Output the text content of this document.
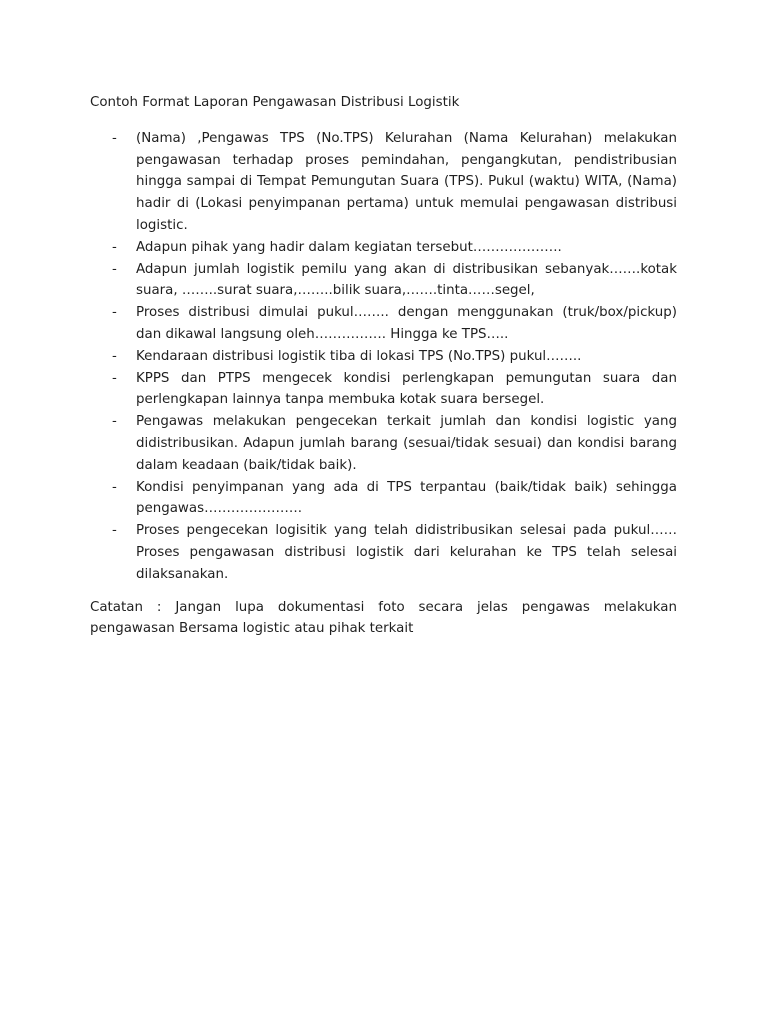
Contoh Format Laporan Pengawasan Distribusi Logistik

- (Nama) ,Pengawas TPS (No.TPS) Kelurahan (Nama Kelurahan) melakukan pengawasan terhadap proses pemindahan, pengangkutan, pendistribusian hingga sampai di Tempat Pemungutan Suara (TPS). Pukul (waktu) WITA, (Nama) hadir di (Lokasi penyimpanan pertama) untuk memulai pengawasan distribusi logistic.
- Adapun pihak yang hadir dalam kegiatan tersebut………………..
- Adapun jumlah logistik pemilu yang akan di distribusikan sebanyak…….kotak suara, ……..surat suara,……..bilik suara,…….tinta……segel,
- Proses distribusi dimulai pukul…….. dengan menggunakan (truk/box/pickup) dan dikawal langsung oleh……………. Hingga ke TPS…..
- Kendaraan distribusi logistik tiba di lokasi TPS (No.TPS) pukul……..
- KPPS dan PTPS mengecek kondisi perlengkapan pemungutan suara dan perlengkapan lainnya tanpa membuka kotak suara bersegel.
- Pengawas melakukan pengecekan terkait jumlah dan kondisi logistic yang didistribusikan. Adapun jumlah barang (sesuai/tidak sesuai) dan kondisi barang dalam keadaan (baik/tidak baik).
- Kondisi penyimpanan yang ada di TPS terpantau (baik/tidak baik) sehingga pengawas………………….
- Proses pengecekan logisitik yang telah didistribusikan selesai pada pukul…… Proses pengawasan distribusi logistik dari kelurahan ke TPS telah selesai dilaksanakan.

Catatan : Jangan lupa dokumentasi foto secara jelas pengawas melakukan pengawasan Bersama logistic atau pihak terkait
